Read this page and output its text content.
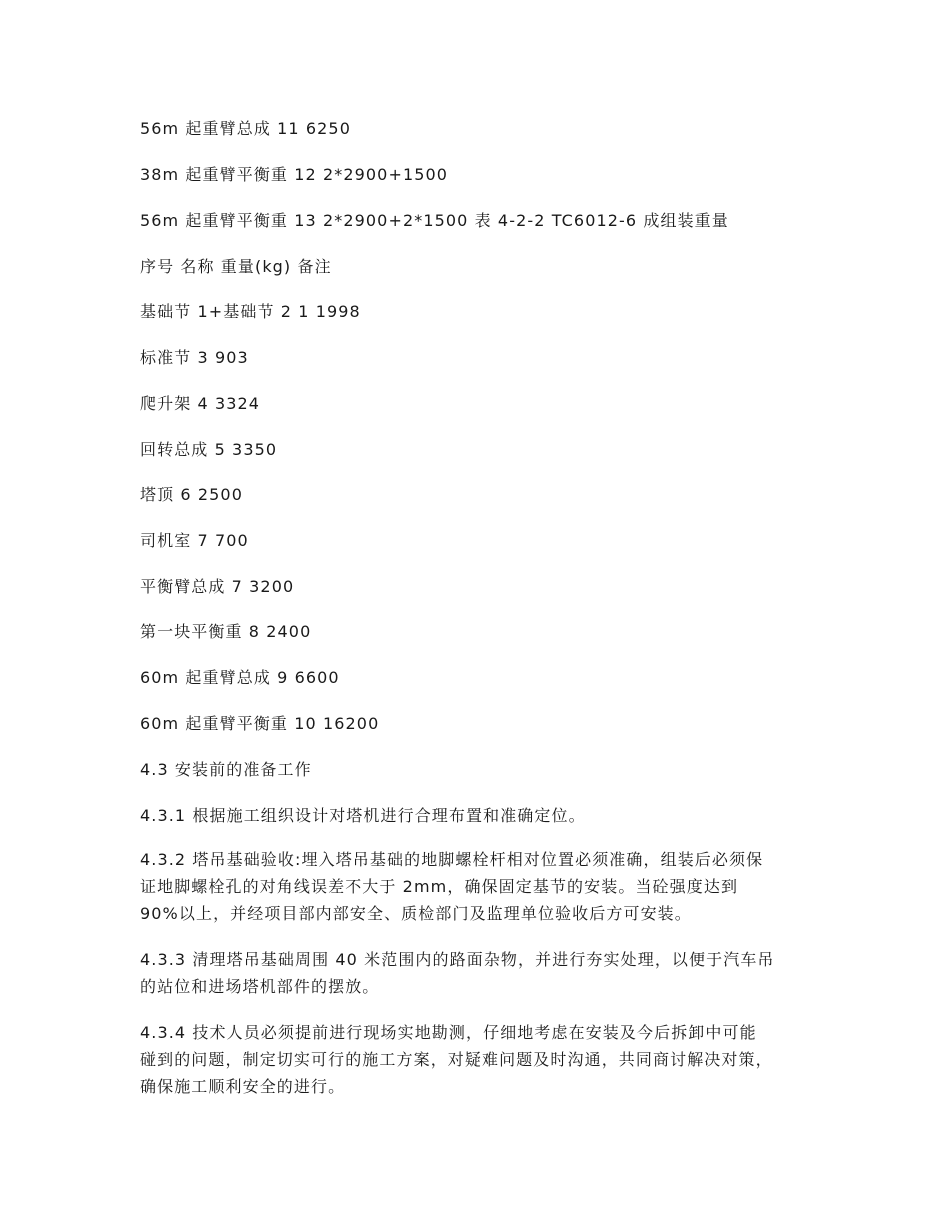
56m 起重臂总成 11 6250
38m 起重臂平衡重 12 2*2900+1500
56m 起重臂平衡重 13 2*2900+2*1500 表 4-2-2 TC6012-6 成组装重量
序号 名称 重量(kg) 备注
基础节 1+基础节 2 1 1998
标准节 3 903
爬升架 4 3324
回转总成 5 3350
塔顶 6 2500
司机室 7 700
平衡臂总成 7 3200
第一块平衡重 8 2400
60m 起重臂总成 9 6600
60m 起重臂平衡重 10 16200
4.3 安装前的准备工作
4.3.1 根据施工组织设计对塔机进行合理布置和准确定位。
4.3.2 塔吊基础验收:埋入塔吊基础的地脚螺栓杆相对位置必须准确，组装后必须保
证地脚螺栓孔的对角线误差不大于 2mm，确保固定基节的安装。当砼强度达到
90%以上，并经项目部内部安全、质检部门及监理单位验收后方可安装。
4.3.3 清理塔吊基础周围 40 米范围内的路面杂物，并进行夯实处理，以便于汽车吊
的站位和进场塔机部件的摆放。
4.3.4 技术人员必须提前进行现场实地勘测，仔细地考虑在安装及今后拆卸中可能
碰到的问题，制定切实可行的施工方案，对疑难问题及时沟通，共同商讨解决对策，
确保施工顺利安全的进行。
